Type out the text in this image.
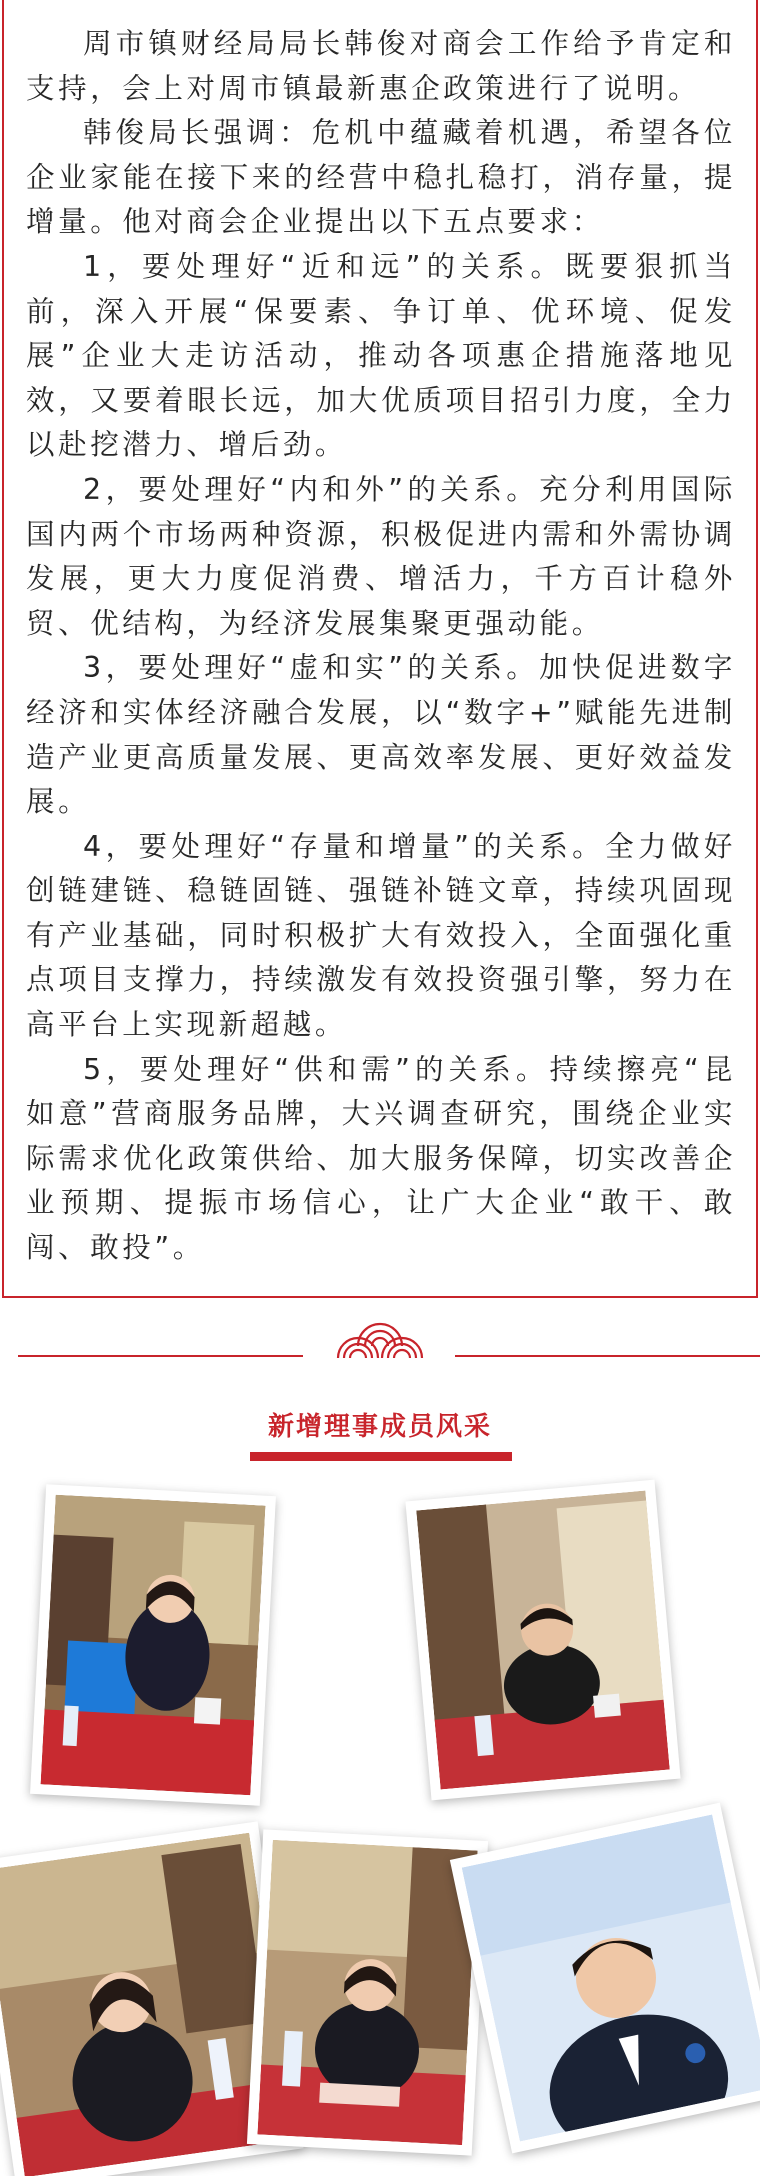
周市镇财经局局长韩俊对商会工作给予肯定和支持，会上对周市镇最新惠企政策进行了说明。

韩俊局长强调：危机中蕴藏着机遇，希望各位企业家能在接下来的经营中稳扎稳打，消存量，提增量。他对商会企业提出以下五点要求：

1，要处理好“近和远”的关系。既要狠抓当前，深入开展“保要素、争订单、优环境、促发展”企业大走访活动，推动各项惠企措施落地见效，又要着眼长远，加大优质项目招引力度，全力以赴挖潜力、增后劲。

2，要处理好“内和外”的关系。充分利用国际国内两个市场两种资源，积极促进内需和外需协调发展，更大力度促消费、增活力，千方百计稳外贸、优结构，为经济发展集聚更强动能。

3，要处理好“虚和实”的关系。加快促进数字经济和实体经济融合发展，以“数字+”赋能先进制造产业更高质量发展、更高效率发展、更好效益发展。

4，要处理好“存量和增量”的关系。全力做好创链建链、稳链固链、强链补链文章，持续巩固现有产业基础，同时积极扩大有效投入，全面强化重点项目支撑力，持续激发有效投资强引擎，努力在高平台上实现新超越。

5，要处理好“供和需”的关系。持续擦亮“昆如意”营商服务品牌，大兴调查研究，围绕企业实际需求优化政策供给、加大服务保障，切实改善企业预期、提振市场信心，让广大企业“敢干、敢闯、敢投”。

新增理事成员风采
